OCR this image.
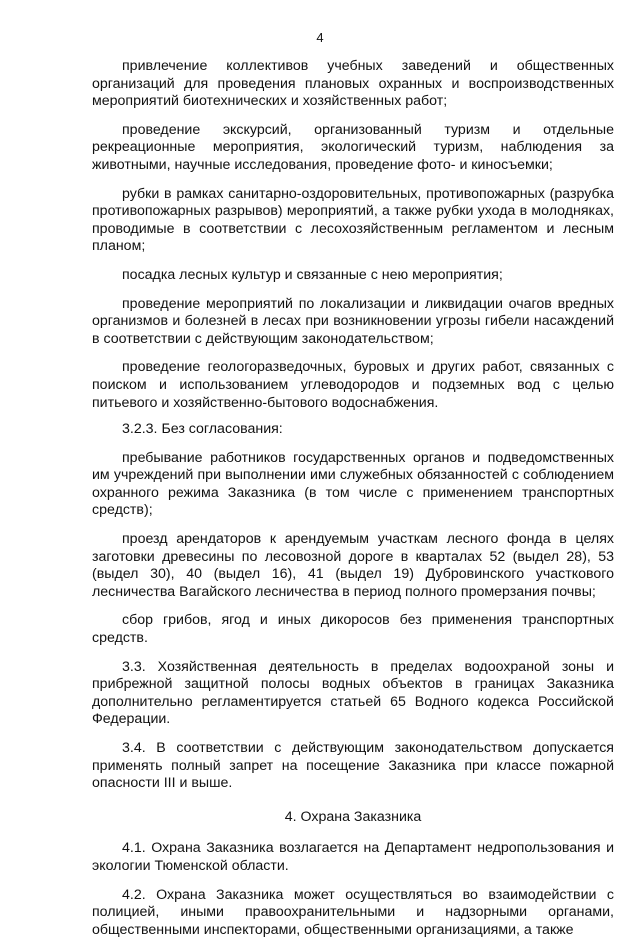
4

привлечение коллективов учебных заведений и общественных организаций для проведения плановых охранных и воспроизводственных мероприятий биотехнических и хозяйственных работ;

проведение экскурсий, организованный туризм и отдельные рекреационные мероприятия, экологический туризм, наблюдения за животными, научные исследования, проведение фото- и киносъемки;

рубки в рамках санитарно-оздоровительных, противопожарных (разрубка противопожарных разрывов) мероприятий, а также рубки ухода в молодняках, проводимые в соответствии с лесохозяйственным регламентом и лесным планом;

посадка лесных культур и связанные с нею мероприятия;

проведение мероприятий по локализации и ликвидации очагов вредных организмов и болезней в лесах при возникновении угрозы гибели насаждений в соответствии с действующим законодательством;

проведение геологоразведочных, буровых и других работ, связанных с поиском и использованием углеводородов и подземных вод с целью питьевого и хозяйственно-бытового водоснабжения.

3.2.3. Без согласования:

пребывание работников государственных органов и подведомственных им учреждений при выполнении ими служебных обязанностей с соблюдением охранного режима Заказника (в том числе с применением транспортных средств);

проезд арендаторов к арендуемым участкам лесного фонда в целях заготовки древесины по лесовозной дороге в кварталах 52 (выдел 28), 53 (выдел 30), 40 (выдел 16), 41 (выдел 19) Дубровинского участкового лесничества Вагайского лесничества в период полного промерзания почвы;

сбор грибов, ягод и иных дикоросов без применения транспортных средств.

3.3. Хозяйственная деятельность в пределах водоохраной зоны и прибрежной защитной полосы водных объектов в границах Заказника дополнительно регламентируется статьей 65 Водного кодекса Российской Федерации.

3.4. В соответствии с действующим законодательством допускается применять полный запрет на посещение Заказника при классе пожарной опасности III и выше.

4. Охрана Заказника

4.1. Охрана Заказника возлагается на Департамент недропользования и экологии Тюменской области.

4.2. Охрана Заказника может осуществляться во взаимодействии с полицией, иными правоохранительными и надзорными органами, общественными инспекторами, общественными организациями, а также
